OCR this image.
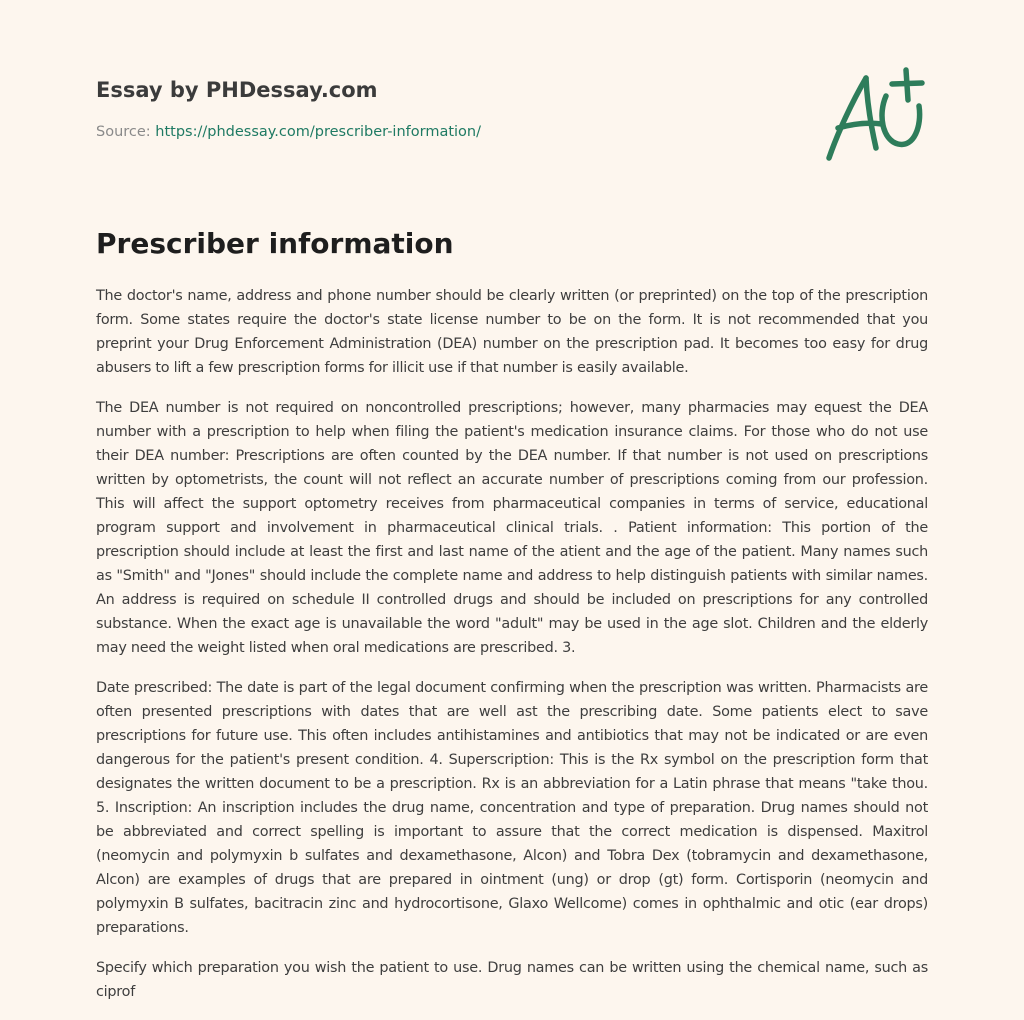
Essay by PHDessay.com
Source: https://phdessay.com/prescriber-information/
Prescriber information

The doctor's name, address and phone number should be clearly written (or preprinted) on the top of the prescription form. Some states require the doctor's state license number to be on the form. It is not recommended that you preprint your Drug Enforcement Administration (DEA) number on the prescription pad. It becomes too easy for drug abusers to lift a few prescription forms for illicit use if that number is easily available.

The DEA number is not required on noncontrolled prescriptions; however, many pharmacies may equest the DEA number with a prescription to help when filing the patient's medication insurance claims. For those who do not use their DEA number: Prescriptions are often counted by the DEA number. If that number is not used on prescriptions written by optometrists, the count will not reflect an accurate number of prescriptions coming from our profession. This will affect the support optometry receives from pharmaceutical companies in terms of service, educational program support and involvement in pharmaceutical clinical trials. . Patient information: This portion of the prescription should include at least the first and last name of the atient and the age of the patient. Many names such as "Smith" and "Jones" should include the complete name and address to help distinguish patients with similar names. An address is required on schedule II controlled drugs and should be included on prescriptions for any controlled substance. When the exact age is unavailable the word "adult" may be used in the age slot. Children and the elderly may need the weight listed when oral medications are prescribed. 3.

Date prescribed: The date is part of the legal document confirming when the prescription was written. Pharmacists are often presented prescriptions with dates that are well ast the prescribing date. Some patients elect to save prescriptions for future use. This often includes antihistamines and antibiotics that may not be indicated or are even dangerous for the patient's present condition. 4. Superscription: This is the Rx symbol on the prescription form that designates the written document to be a prescription. Rx is an abbreviation for a Latin phrase that means "take thou. 5. Inscription: An inscription includes the drug name, concentration and type of preparation. Drug names should not be abbreviated and correct spelling is important to assure that the correct medication is dispensed. Maxitrol (neomycin and polymyxin b sulfates and dexamethasone, Alcon) and Tobra Dex (tobramycin and dexamethasone, Alcon) are examples of drugs that are prepared in ointment (ung) or drop (gt) form. Cortisporin (neomycin and polymyxin B sulfates, bacitracin zinc and hydrocortisone, Glaxo Wellcome) comes in ophthalmic and otic (ear drops) preparations.

Specify which preparation you wish the patient to use. Drug names can be written using the chemical name, such as ciprof
